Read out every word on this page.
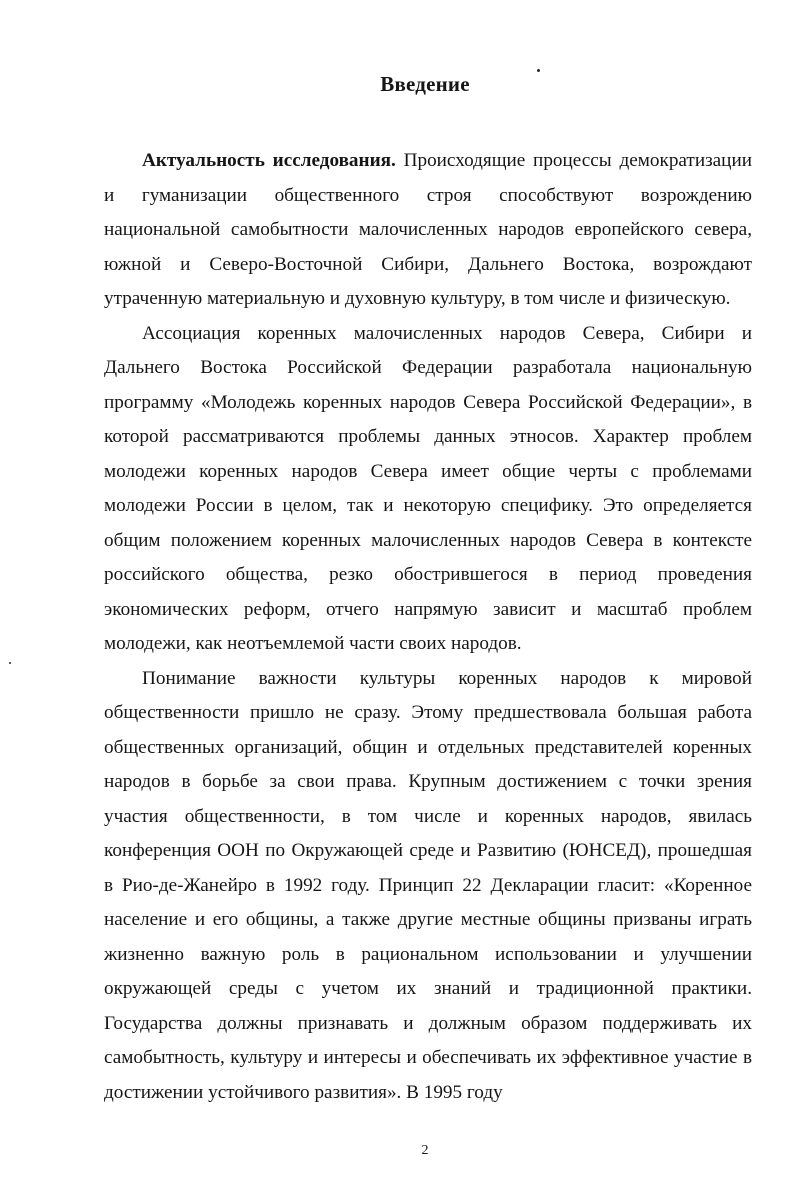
Введение

Актуальность исследования. Происходящие процессы демократизации и гуманизации общественного строя способствуют возрождению национальной самобытности малочисленных народов европейского севера, южной и Северо-Восточной Сибири, Дальнего Востока, возрождают утраченную материальную и духовную культуру, в том числе и физическую.

Ассоциация коренных малочисленных народов Севера, Сибири и Дальнего Востока Российской Федерации разработала национальную программу «Молодежь коренных народов Севера Российской Федерации», в которой рассматриваются проблемы данных этносов. Характер проблем молодежи коренных народов Севера имеет общие черты с проблемами молодежи России в целом, так и некоторую специфику. Это определяется общим положением коренных малочисленных народов Севера в контексте российского общества, резко обострившегося в период проведения экономических реформ, отчего напрямую зависит и масштаб проблем молодежи, как неотъемлемой части своих народов.

Понимание важности культуры коренных народов к мировой общественности пришло не сразу. Этому предшествовала большая работа общественных организаций, общин и отдельных представителей коренных народов в борьбе за свои права. Крупным достижением с точки зрения участия общественности, в том числе и коренных народов, явилась конференция ООН по Окружающей среде и Развитию (ЮНСЕД), прошедшая в Рио-де-Жанейро в 1992 году. Принцип 22 Декларации гласит: «Коренное население и его общины, а также другие местные общины призваны играть жизненно важную роль в рациональном использовании и улучшении окружающей среды с учетом их знаний и традиционной практики. Государства должны признавать и должным образом поддерживать их самобытность, культуру и интересы и обеспечивать их эффективное участие в достижении устойчивого развития». В 1995 году

2
